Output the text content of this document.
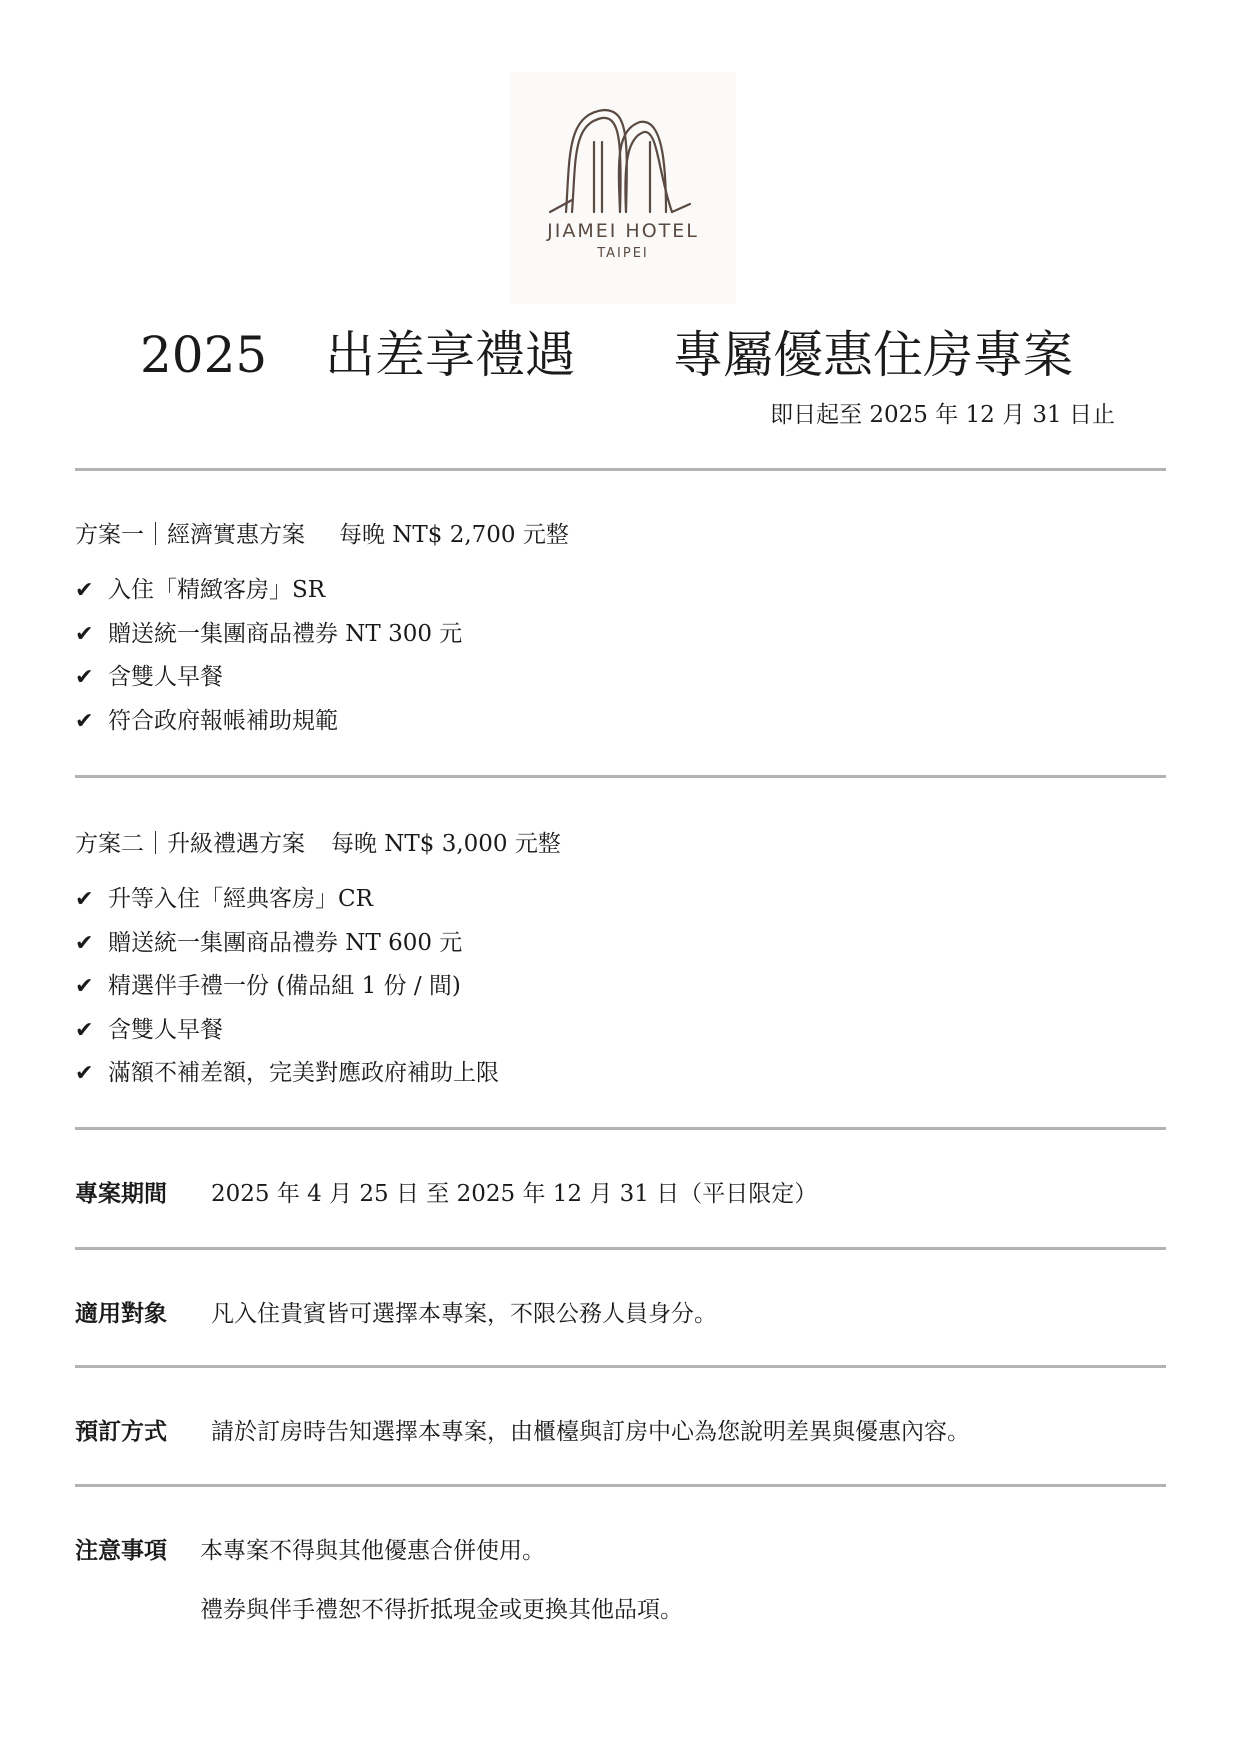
JIAMEI HOTEL
TAIPEI
2025 出差享禮遇 專屬優惠住房專案
即日起至 2025 年 12 月 31 日止
方案一｜經濟實惠方案 每晚 NT$ 2,700 元整
✔ 入住「精緻客房」SR
✔ 贈送統一集團商品禮券 NT 300 元
✔ 含雙人早餐
✔ 符合政府報帳補助規範
方案二｜升級禮遇方案 每晚 NT$ 3,000 元整
✔ 升等入住「經典客房」CR
✔ 贈送統一集團商品禮券 NT 600 元
✔ 精選伴手禮一份 (備品組 1 份 / 間)
✔ 含雙人早餐
✔ 滿額不補差額，完美對應政府補助上限
專案期間 2025 年 4 月 25 日 至 2025 年 12 月 31 日（平日限定）
適用對象 凡入住貴賓皆可選擇本專案，不限公務人員身分。
預訂方式 請於訂房時告知選擇本專案，由櫃檯與訂房中心為您說明差異與優惠內容。
注意事項 本專案不得與其他優惠合併使用。
禮券與伴手禮恕不得折抵現金或更換其他品項。
